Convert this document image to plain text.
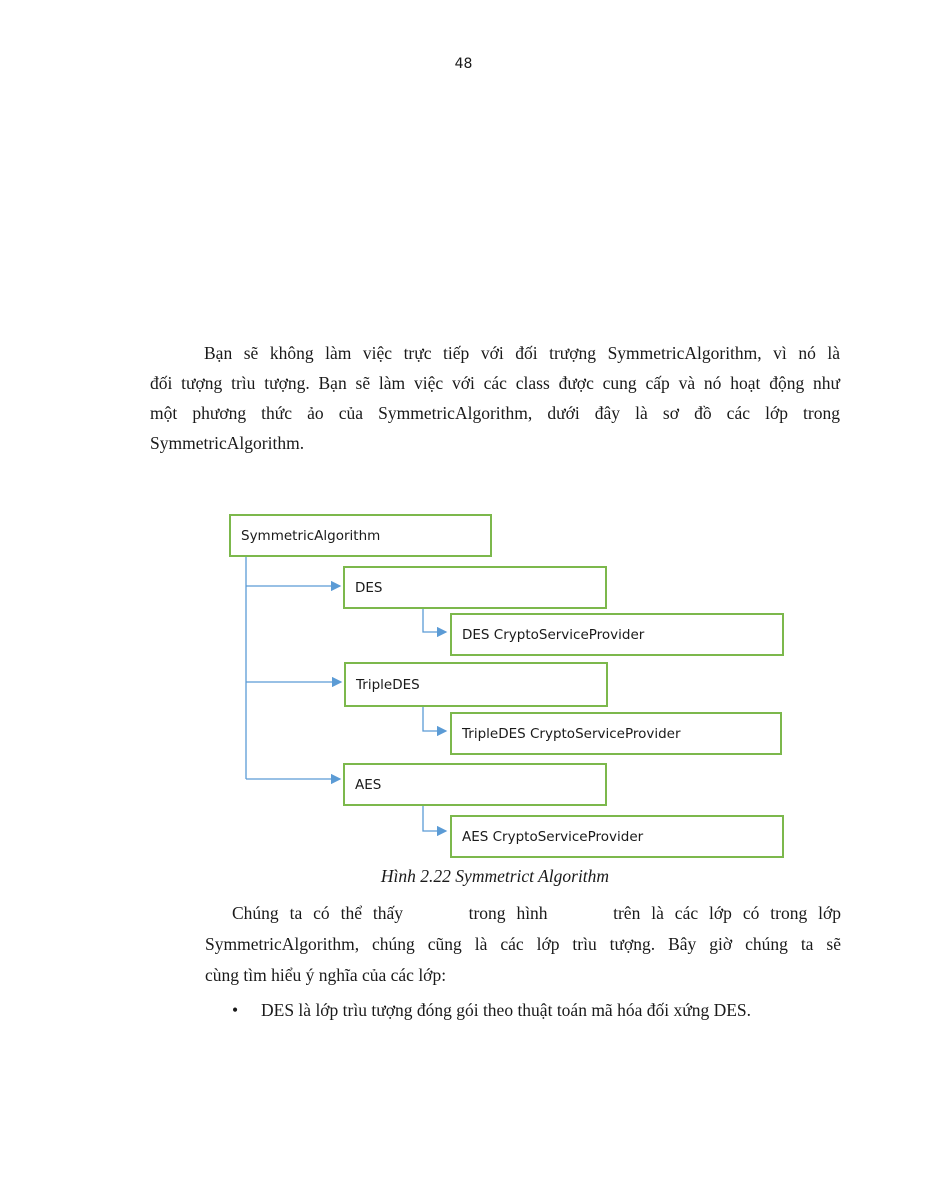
48

Bạn sẽ không làm việc trực tiếp với đối trượng SymmetricAlgorithm, vì nó là
đối tượng trìu tượng. Bạn sẽ làm việc với các class được cung cấp và nó hoạt động như
một phương thức ảo của SymmetricAlgorithm, dưới đây là sơ đồ các lớp trong
SymmetricAlgorithm.

SymmetricAlgorithm
DES
DES CryptoServiceProvider
TripleDES
TripleDES CryptoServiceProvider
AES
AES CryptoServiceProvider
Hình 2.22 Symmetrict Algorithm

Chúng ta có thể thấy      trong hình      trên là các lớp có trong lớp
SymmetricAlgorithm, chúng cũng là các lớp trìu tượng. Bây giờ chúng ta sẽ
cùng tìm hiểu ý nghĩa của các lớp:

• DES là lớp trìu tượng đóng gói theo thuật toán mã hóa đối xứng DES.
